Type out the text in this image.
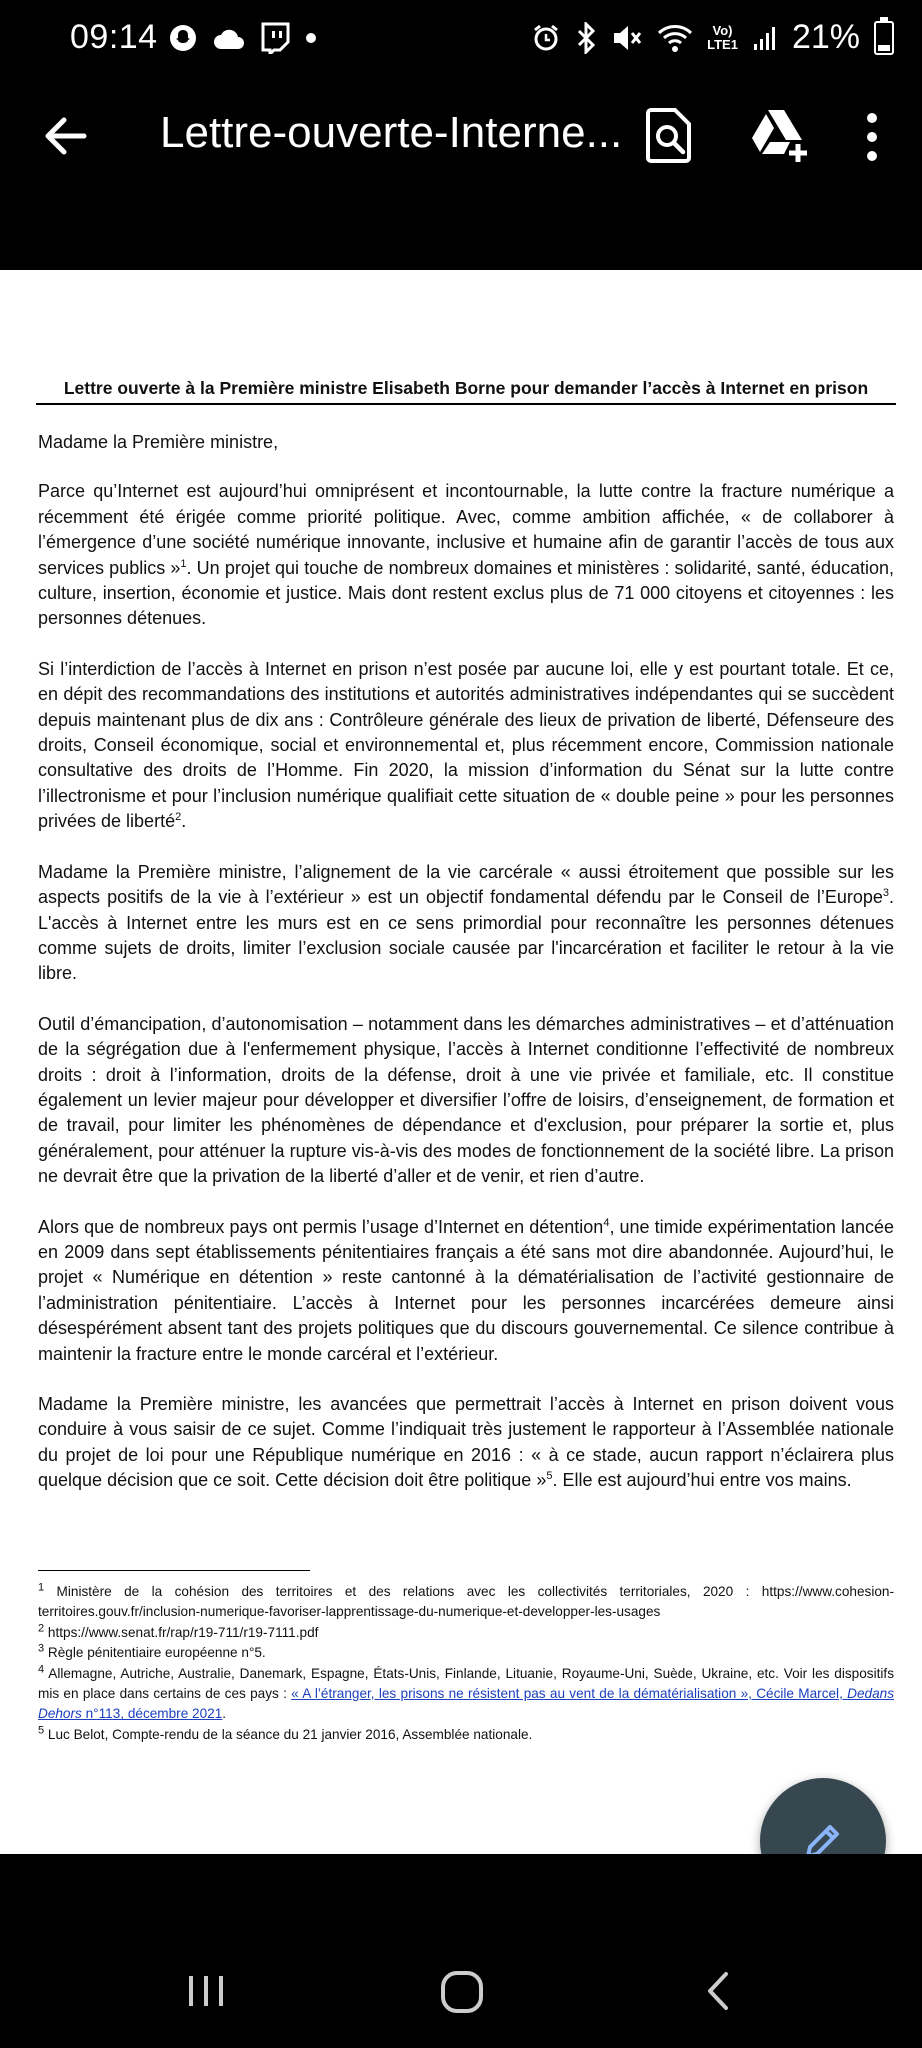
09:14	Vo)
LTE1 21%
Lettre-ouverte-Interne...
Lettre ouverte à la Première ministre Elisabeth Borne pour demander l’accès à Internet en prison

Madame la Première ministre,

Parce qu’Internet est aujourd’hui omniprésent et incontournable, la lutte contre la fracture numérique a récemment été érigée comme priorité politique. Avec, comme ambition affichée, « de collaborer à l’émergence d’une société numérique innovante, inclusive et humaine afin de garantir l’accès de tous aux services publics »$^1$. Un projet qui touche de nombreux domaines et ministères : solidarité, santé, éducation, culture, insertion, économie et justice. Mais dont restent exclus plus de 71 000 citoyens et citoyennes : les personnes détenues.

Si l’interdiction de l’accès à Internet en prison n’est posée par aucune loi, elle y est pourtant totale. Et ce, en dépit des recommandations des institutions et autorités administratives indépendantes qui se succèdent depuis maintenant plus de dix ans : Contrôleure générale des lieux de privation de liberté, Défenseure des droits, Conseil économique, social et environnemental et, plus récemment encore, Commission nationale consultative des droits de l’Homme. Fin 2020, la mission d’information du Sénat sur la lutte contre l’illectronisme et pour l’inclusion numérique qualifiait cette situation de « double peine » pour les personnes privées de liberté$^2$.

Madame la Première ministre, l’alignement de la vie carcérale « aussi étroitement que possible sur les aspects positifs de la vie à l’extérieur » est un objectif fondamental défendu par le Conseil de l’Europe$^3$. L'accès à Internet entre les murs est en ce sens primordial pour reconnaître les personnes détenues comme sujets de droits, limiter l’exclusion sociale causée par l'incarcération et faciliter le retour à la vie libre.

Outil d’émancipation, d’autonomisation – notamment dans les démarches administratives – et d’atténuation de la ségrégation due à l'enfermement physique, l’accès à Internet conditionne l’effectivité de nombreux droits : droit à l’information, droits de la défense, droit à une vie privée et familiale, etc. Il constitue également un levier majeur pour développer et diversifier l’offre de loisirs, d’enseignement, de formation et de travail, pour limiter les phénomènes de dépendance et d'exclusion, pour préparer la sortie et, plus généralement, pour atténuer la rupture vis-à-vis des modes de fonctionnement de la société libre. La prison ne devrait être que la privation de la liberté d’aller et de venir, et rien d’autre.

Alors que de nombreux pays ont permis l’usage d’Internet en détention$^4$, une timide expérimentation lancée en 2009 dans sept établissements pénitentiaires français a été sans mot dire abandonnée. Aujourd’hui, le projet « Numérique en détention » reste cantonné à la dématérialisation de l’activité gestionnaire de l’administration pénitentiaire. L’accès à Internet pour les personnes incarcérées demeure ainsi désespérément absent tant des projets politiques que du discours gouvernemental. Ce silence contribue à maintenir la fracture entre le monde carcéral et l’extérieur.

Madame la Première ministre, les avancées que permettrait l’accès à Internet en prison doivent vous conduire à vous saisir de ce sujet. Comme l’indiquait très justement le rapporteur à l’Assemblée nationale du projet de loi pour une République numérique en 2016 : « à ce stade, aucun rapport n’éclairera plus quelque décision que ce soit. Cette décision doit être politique »$^5$. Elle est aujourd’hui entre vos mains.

$^1$ Ministère de la cohésion des territoires et des relations avec les collectivités territoriales, 2020 : https://www.cohesion-territoires.gouv.fr/inclusion-numerique-favoriser-lapprentissage-du-numerique-et-developper-les-usages

$^2$ https://www.senat.fr/rap/r19-711/r19-7111.pdf

$^3$ Règle pénitentiaire européenne n°5.

$^4$ Allemagne, Autriche, Australie, Danemark, Espagne, États-Unis, Finlande, Lituanie, Royaume-Uni, Suède, Ukraine, etc. Voir les dispositifs mis en place dans certains de ces pays : « A l’étranger, les prisons ne résistent pas au vent de la dématérialisation », Cécile Marcel, Dedans Dehors n°113, décembre 2021.

$^5$ Luc Belot, Compte-rendu de la séance du 21 janvier 2016, Assemblée nationale.
